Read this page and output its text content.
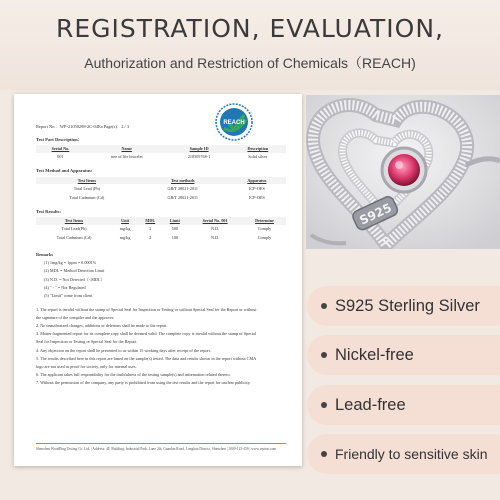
REGISTRATION, EVALUATION,
Authorization and Restriction of Chemicals（REACH)
REACH
Report No.：WP-21050298-2C-04Ea Page(s)：2 / 3
Test Part Description：
Serial No.	Name	Sample ID	Description
001	tree of life bracelet	21050576S-1	Solid silver
Test Method and Apparatus:
Test Items	Test methods	Apparatus
Total Lead (Pb)	GB/T 28021-2011	ICP-OES
Total Cadmium (Cd)	GB/T 28021-2011	ICP-OES
Test Results:
Test Items	Unit	MDL	Limit	Serial No. 001	Determine
Total Lead(Pb)	mg/kg	2	500	N.D.	Comply
Total Cadmium (Cd)	mg/kg	2	100	N.D.	Comply
Remarks
(1) 1mg/kg = 1ppm = 0.0001%
(2) MDL = Method Detection Limit
(3) N.D. = Not Detected（<MDL）
(4) " - " = Not Regulated
(5) "Limit" come from client
1. The report is invalid without the stamp of Special Seal for Inspection or Testing or without Special Seal for the Report or without
the signature of the compiler and the approver.
2. No unauthorized changes, additions or deletions shall be made to the report.
3. Matter fragmented report for its complete copy shall be deemed valid. The complete copy is invalid without the stamp of Special
Seal for Inspection or Testing or Special Seal for the Report.
4. Any objection on the report shall be presented to us within 15 working days after receipt of the report.
5. The results described here in this report are based on the sample(s) tested. The data and results shown in the report without CMA
logo are not used as proof for society, only for internal uses.
6. The applicant takes full responsibility for the truthfulness of the testing sample(s) and information related thereto.
7. Without the permission of the company, any party is prohibited from using the test results and the report for unclear publicity.
Shenzhen WoodPing Testing Co. Ltd. | Address: 4F, Building, Industrial Park, Lane 2th, Guanlan Road, Longhua District, Shenzhen | 1000-123-456 | www.wptest.com
S925
S925 Sterling Silver
Nickel-free
Lead-free
Friendly to sensitive skin
